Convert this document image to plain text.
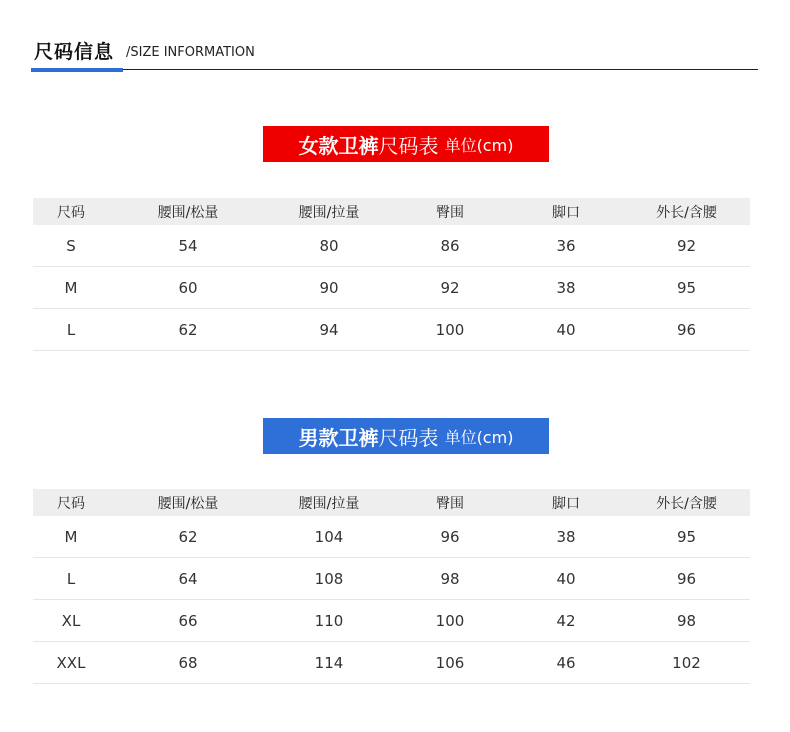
尺码信息 /SIZE INFORMATION
女款卫裤 尺码表 单位(cm)
尺码	腰围/松量	腰围/拉量	臀围	脚口	外长/含腰
S	54	80	86	36	92
M	60	90	92	38	95
L	62	94	100	40	96
男款卫裤 尺码表 单位(cm)
尺码	腰围/松量	腰围/拉量	臀围	脚口	外长/含腰
M	62	104	96	38	95
L	64	108	98	40	96
XL	66	110	100	42	98
XXL	68	114	106	46	102
